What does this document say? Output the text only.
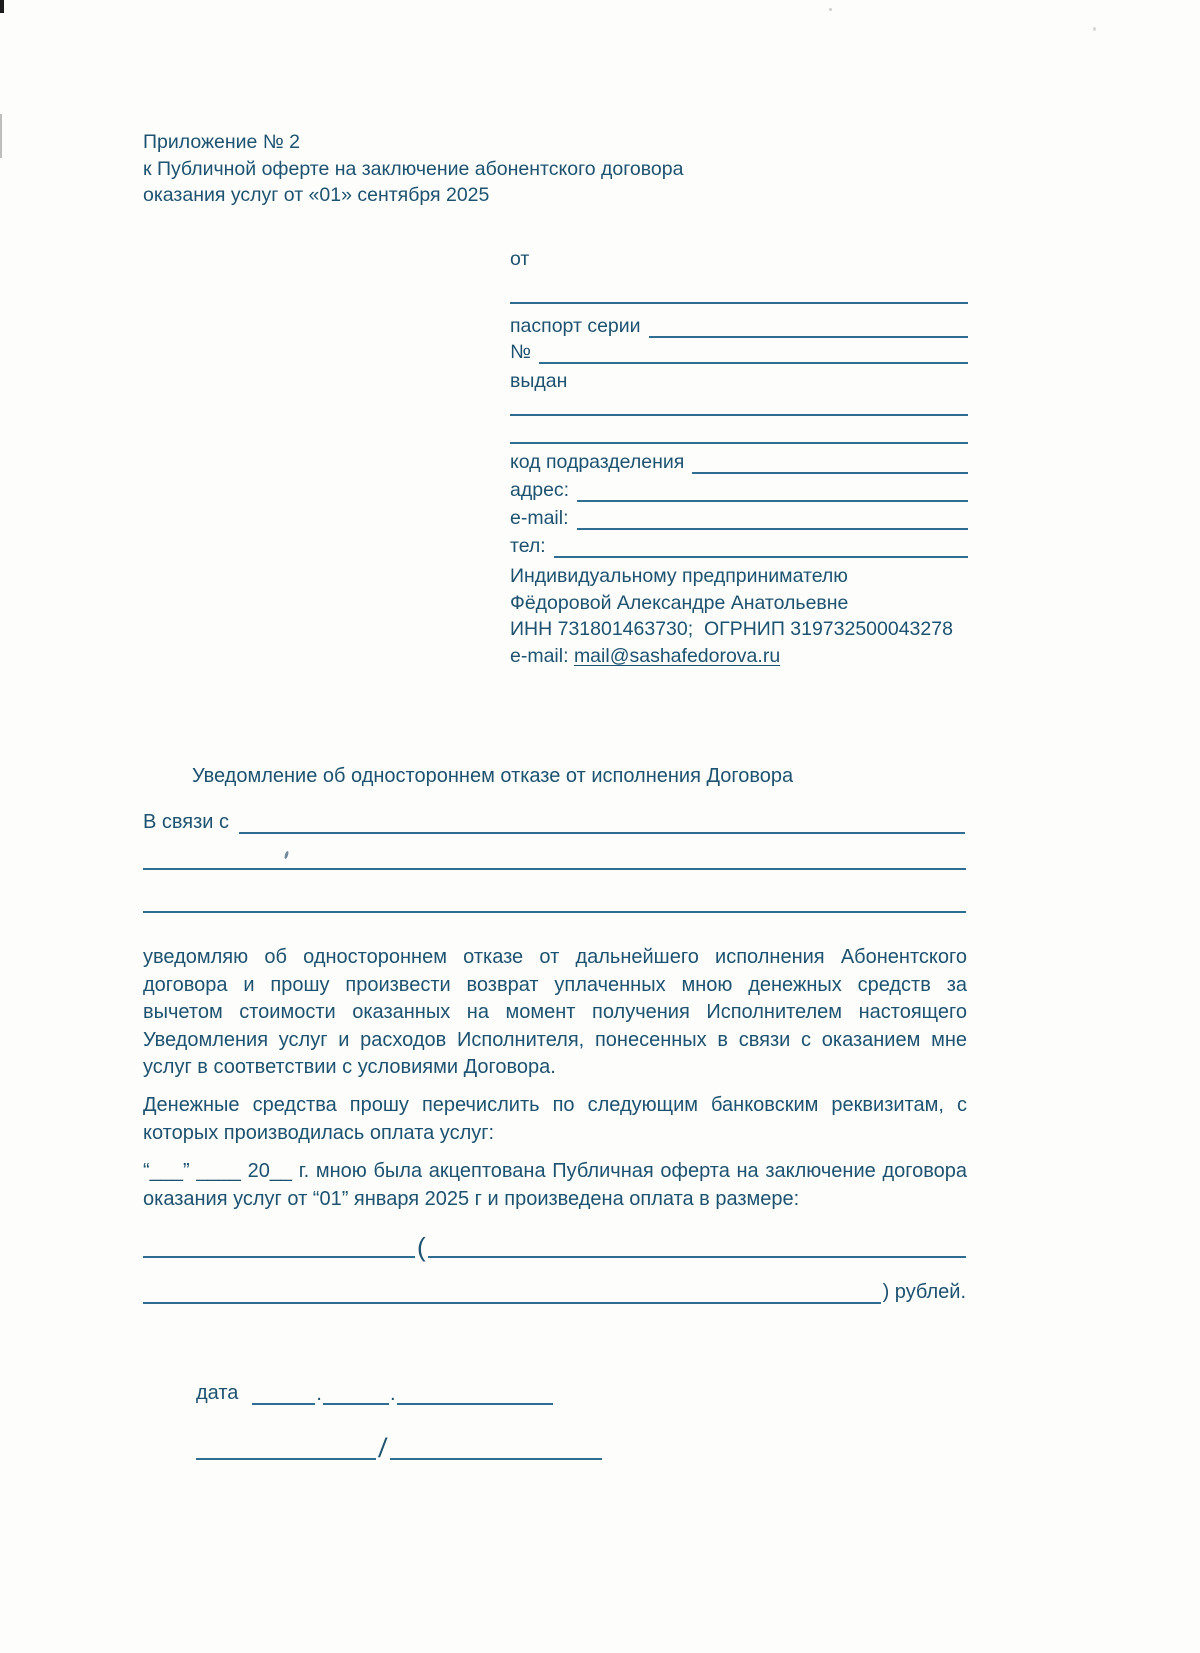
Приложение № 2
к Публичной оферте на заключение абонентского договора
оказания услуг от «01» сентября 2025
от
паспорт серии
№
выдан
код подразделения
адрес:
e-mail:
тел:
Индивидуальному предпринимателю
Фёдоровой Александре Анатольевне
ИНН 731801463730;  ОГРНИП 319732500043278
e-mail: mail@sashafedorova.ru
Уведомление об одностороннем отказе от исполнения Договора
В связи с
уведомляю об одностороннем отказе от дальнейшего исполнения Абонентского
договора и прошу произвести возврат уплаченных мною денежных средств за
вычетом стоимости оказанных на момент получения Исполнителем настоящего
Уведомления услуг и расходов Исполнителя, понесенных в связи с оказанием мне
услуг в соответствии с условиями Договора.
Денежные средства прошу перечислить по следующим банковским реквизитам, с
которых производилась оплата услуг:
“___” ____ 20__ г. мною была акцептована Публичная оферта на заключение договора
оказания услуг от “01” января 2025 г и произведена оплата в размере:
(
) рублей.
дата	.	.
/
